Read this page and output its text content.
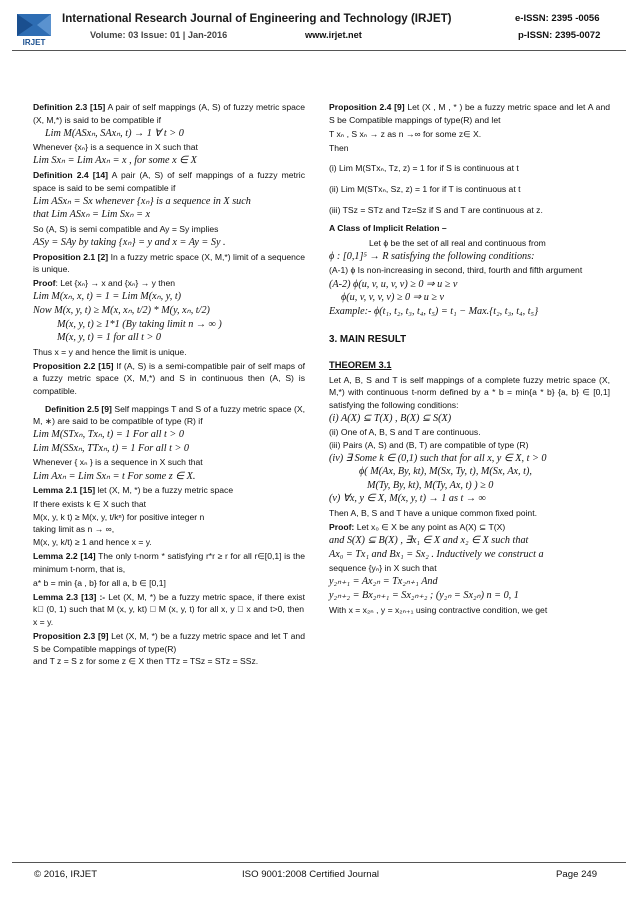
IRJET
International Research Journal of Engineering and Technology (IRJET)	e-ISSN: 2395 -0056
Volume: 03 Issue: 01 | Jan-2016	www.irjet.net	p-ISSN: 2395-0072
Definition 2.3 [15] A pair of self mappings (A, S) of fuzzy metric space (X, M,*) is said to be compatible if
Lim M(ASxₙ, SAxₙ, t) → 1 ∀ t > 0
Whenever {xₙ} is a sequence in X such that
Lim Sxₙ = Lim Axₙ = x , for some x ∈ X
Definition 2.4 [14] A pair (A, S) of self mappings of a fuzzy metric space is said to be semi compatible if
Lim ASxₙ = Sx whenever {xₙ} is a sequence in X such
that Lim ASxₙ = Lim Sxₙ = x
So (A, S) is semi compatible and Ay = Sy implies
ASy = SAy by taking {xₙ} = y and x = Ay = Sy .
Proposition 2.1 [2] In a fuzzy metric space (X, M,*) limit of a sequence is unique.
Proof: Let {xₙ} → x and {xₙ} → y then
Lim M(xₙ, x, t) = 1 = Lim M(xₙ, y, t)
Now M(x, y, t) ≥ M(x, xₙ, t/2) * M(y, xₙ, t/2)
M(x, y, t) ≥ 1*1 (By taking limit n → ∞ )
M(x, y, t) = 1 for all t > 0
Thus x = y and hence the limit is unique.
Proposition 2.2 [15] If (A, S) is a semi-compatible pair of self maps of a fuzzy metric space (X, M,*) and S in continuous then (A, S) is compatible.
Definition 2.5 [9] Self mappings T and S of a fuzzy metric space (X, M, ∗) are said to be compatible of type (R) if
Lim M(STxₙ, Txₙ, t) = 1 For all t > 0
Lim M(SSxₙ, TTxₙ, t) = 1 For all t > 0
Whenever { xₙ } is a sequence in X such that
Lim Axₙ = Lim Sxₙ = t For some z ∈ X.
Lemma 2.1 [15] let (X, M, *) be a fuzzy metric space
If there exists k ∈ X such that
M(x, y, k t) ≥ M(x, y, t/kⁿ) for positive integer n
taking limit as n → ∞,
M(x, y, k/t) ≥ 1 and hence x = y.
Lemma 2.2 [14] The only t-norm * satisfying r*r ≥ r for all r∈[0,1] is the minimum t-norm, that is,
a* b = min {a , b} for all a, b ∈ [0,1]
Lemma 2.3 [13] :- Let (X, M, *) be a fuzzy metric space, if there exist k⃞ (0, 1) such that M (x, y, kt) ⃞ M (x, y, t) for all x, y ⃞ x and t>0, then x = y.
Proposition 2.3 [9] Let (X, M, *) be a fuzzy metric space and let T and S be Compatible mappings of type(R)
and T z = S z for some z ∈ X then TTz = TSz = STz = SSz.
Proposition 2.4 [9] Let (X , M , * ) be a fuzzy metric space and let A and S be Compatible mappings of type(R) and let
T xₙ , S xₙ → z as n →∞ for some z∈ X.
Then
(i) Lim M(STxₙ, Tz, z) = 1 for if S is continuous at t
(ii) Lim M(STxₙ, Sz, z) = 1 for if T is continuous at t
(iii) TSz = STz and Tz=Sz if S and T are continuous at z.
A Class of Implicit Relation –
Let ϕ be the set of all real and continuous from
ϕ : [0,1]⁵ → R satisfying the following conditions:
(A-1) ϕ Is non-increasing in second, third, fourth and fifth argument
(A-2) ϕ(u, v, u, v, v) ≥ 0 ⇒ u ≥ v
ϕ(u, v, v, v, v) ≥ 0 ⇒ u ≥ v
Example:- ϕ(t₁, t₂, t₃, t₄, t₅) = t₁ − Max.{t₂, t₃, t₄, t₅}
3. MAIN RESULT
THEOREM 3.1
Let A, B, S and T is self mappings of a complete fuzzy metric space (X, M,*) with continuous t-norm defined by a * b = min{a * b} {a, b} ∈ [0,1] satisfying the following conditions:
(i) A(X) ⊆ T(X) , B(X) ⊆ S(X)
(ii) One of A, B, S and T are continuous.
(iii) Pairs (A, S) and (B, T) are compatible of type (R)
(iv) ∃ Some k ∈ (0,1) such that for all x, y ∈ X, t > 0
ϕ( M(Ax, By, kt), M(Sx, Ty, t), M(Sx, Ax, t),
M(Ty, By, kt), M(Ty, Ax, t) ) ≥ 0
(v) ∀x, y ∈ X, M(x, y, t) → 1 as t → ∞
Then A, B, S and T have a unique common fixed point.
Proof: Let x₀ ∈ X be any point as A(X) ⊆ T(X)
and S(X) ⊆ B(X) , ∃x₁ ∈ X and x₂ ∈ X such that
Ax₀ = Tx₁ and Bx₁ = Sx₂ . Inductively we construct a
sequence {yₙ} in X such that
y₂ₙ₊₁ = Ax₂ₙ = Tx₂ₙ₊₁ And
y₂ₙ₊₂ = Bx₂ₙ₊₁ = Sx₂ₙ₊₂ ; (y₂ₙ = Sx₂ₙ) n = 0, 1
With x = x₂ₙ , y = x₂ₙ₊₁ using contractive condition, we get
© 2016, IRJET	ISO 9001:2008 Certified Journal	Page 249
